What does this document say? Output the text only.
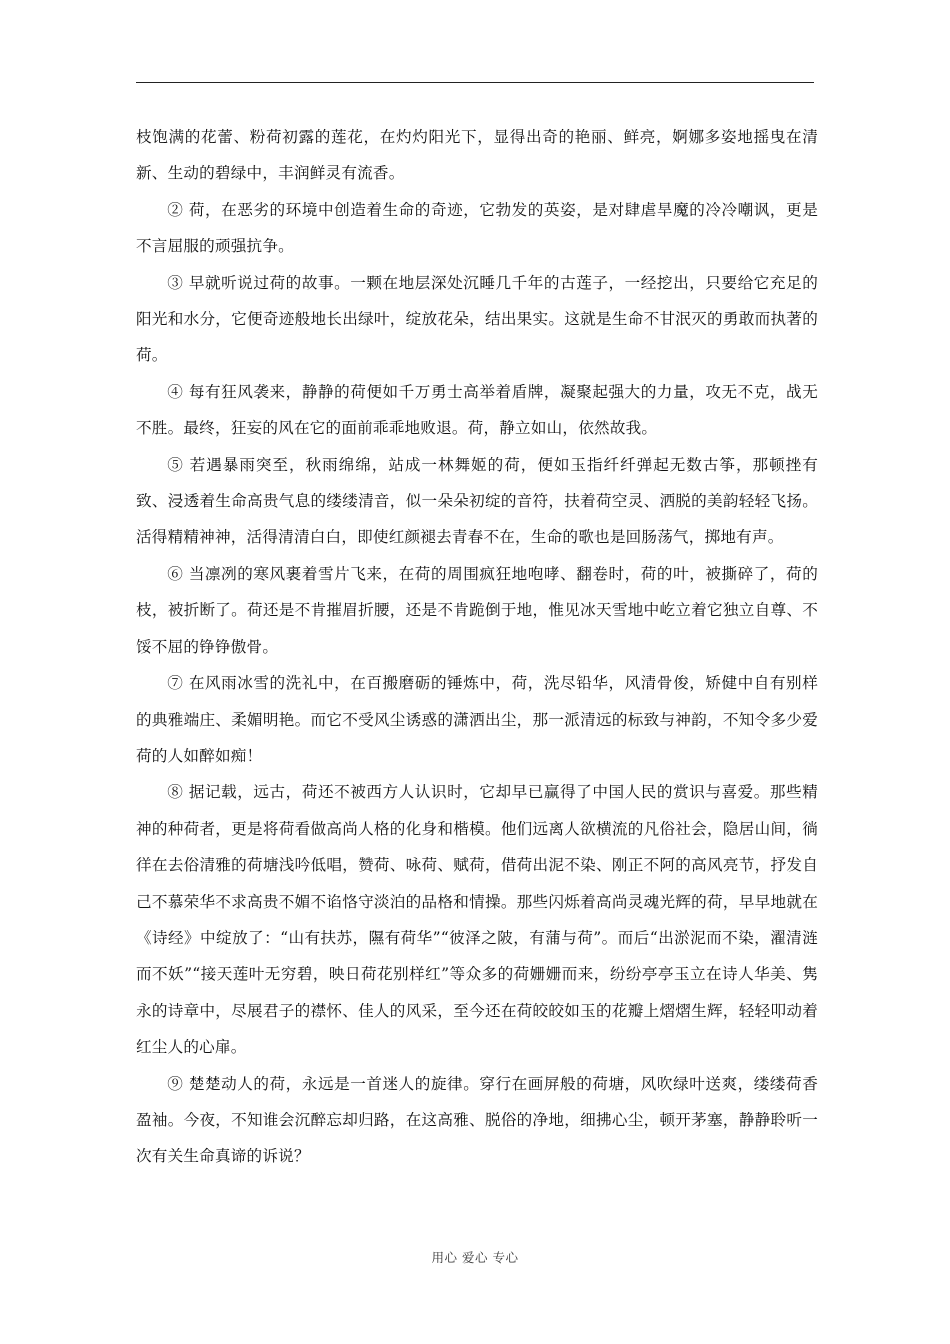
枝饱满的花蕾、粉荷初露的莲花，在灼灼阳光下，显得出奇的艳丽、鲜亮，婀娜多姿地摇曳在清新、生动的碧绿中，丰润鲜灵有流香。

② 荷，在恶劣的环境中创造着生命的奇迹，它勃发的英姿，是对肆虐旱魔的冷冷嘲讽，更是不言屈服的顽强抗争。

③ 早就听说过荷的故事。一颗在地层深处沉睡几千年的古莲子，一经挖出，只要给它充足的阳光和水分，它便奇迹般地长出绿叶，绽放花朵，结出果实。这就是生命不甘泯灭的勇敢而执著的荷。

④ 每有狂风袭来，静静的荷便如千万勇士高举着盾牌，凝聚起强大的力量，攻无不克，战无不胜。最终，狂妄的风在它的面前乖乖地败退。荷，静立如山，依然故我。

⑤ 若遇暴雨突至，秋雨绵绵，站成一林舞姬的荷，便如玉指纤纤弹起无数古筝，那顿挫有致、浸透着生命高贵气息的缕缕清音，似一朵朵初绽的音符，扶着荷空灵、洒脱的美韵轻轻飞扬。活得精精神神，活得清清白白，即使红颜褪去青春不在，生命的歌也是回肠荡气，掷地有声。

⑥ 当凛冽的寒风裹着雪片飞来，在荷的周围疯狂地咆哮、翻卷时，荷的叶，被撕碎了，荷的枝，被折断了。荷还是不肯摧眉折腰，还是不肯跪倒于地，惟见冰天雪地中屹立着它独立自尊、不馁不屈的铮铮傲骨。

⑦ 在风雨冰雪的洗礼中，在百搬磨砺的锤炼中，荷，洗尽铅华，风清骨俊，矫健中自有别样的典雅端庄、柔媚明艳。而它不受风尘诱惑的潇洒出尘，那一派清远的标致与神韵，不知令多少爱荷的人如醉如痴！

⑧ 据记载，远古，荷还不被西方人认识时，它却早已赢得了中国人民的赏识与喜爱。那些精神的种荷者，更是将荷看做高尚人格的化身和楷模。他们远离人欲横流的凡俗社会，隐居山间，徜徉在去俗清雅的荷塘浅吟低唱，赞荷、咏荷、赋荷，借荷出泥不染、刚正不阿的高风亮节，抒发自己不慕荣华不求高贵不媚不谄恪守淡泊的品格和情操。那些闪烁着高尚灵魂光辉的荷，早早地就在《诗经》中绽放了：“山有扶苏，隰有荷华”“彼泽之陂，有蒲与荷”。而后“出淤泥而不染，濯清涟而不妖”“接天莲叶无穷碧，映日荷花别样红”等众多的荷姗姗而来，纷纷亭亭玉立在诗人华美、隽永的诗章中，尽展君子的襟怀、佳人的风采，至今还在荷皎皎如玉的花瓣上熠熠生辉，轻轻叩动着红尘人的心扉。

⑨ 楚楚动人的荷，永远是一首迷人的旋律。穿行在画屏般的荷塘，风吹绿叶送爽，缕缕荷香盈袖。今夜，不知谁会沉醉忘却归路，在这高雅、脱俗的净地，细拂心尘，顿开茅塞，静静聆听一次有关生命真谛的诉说？

用心 爱心 专心
